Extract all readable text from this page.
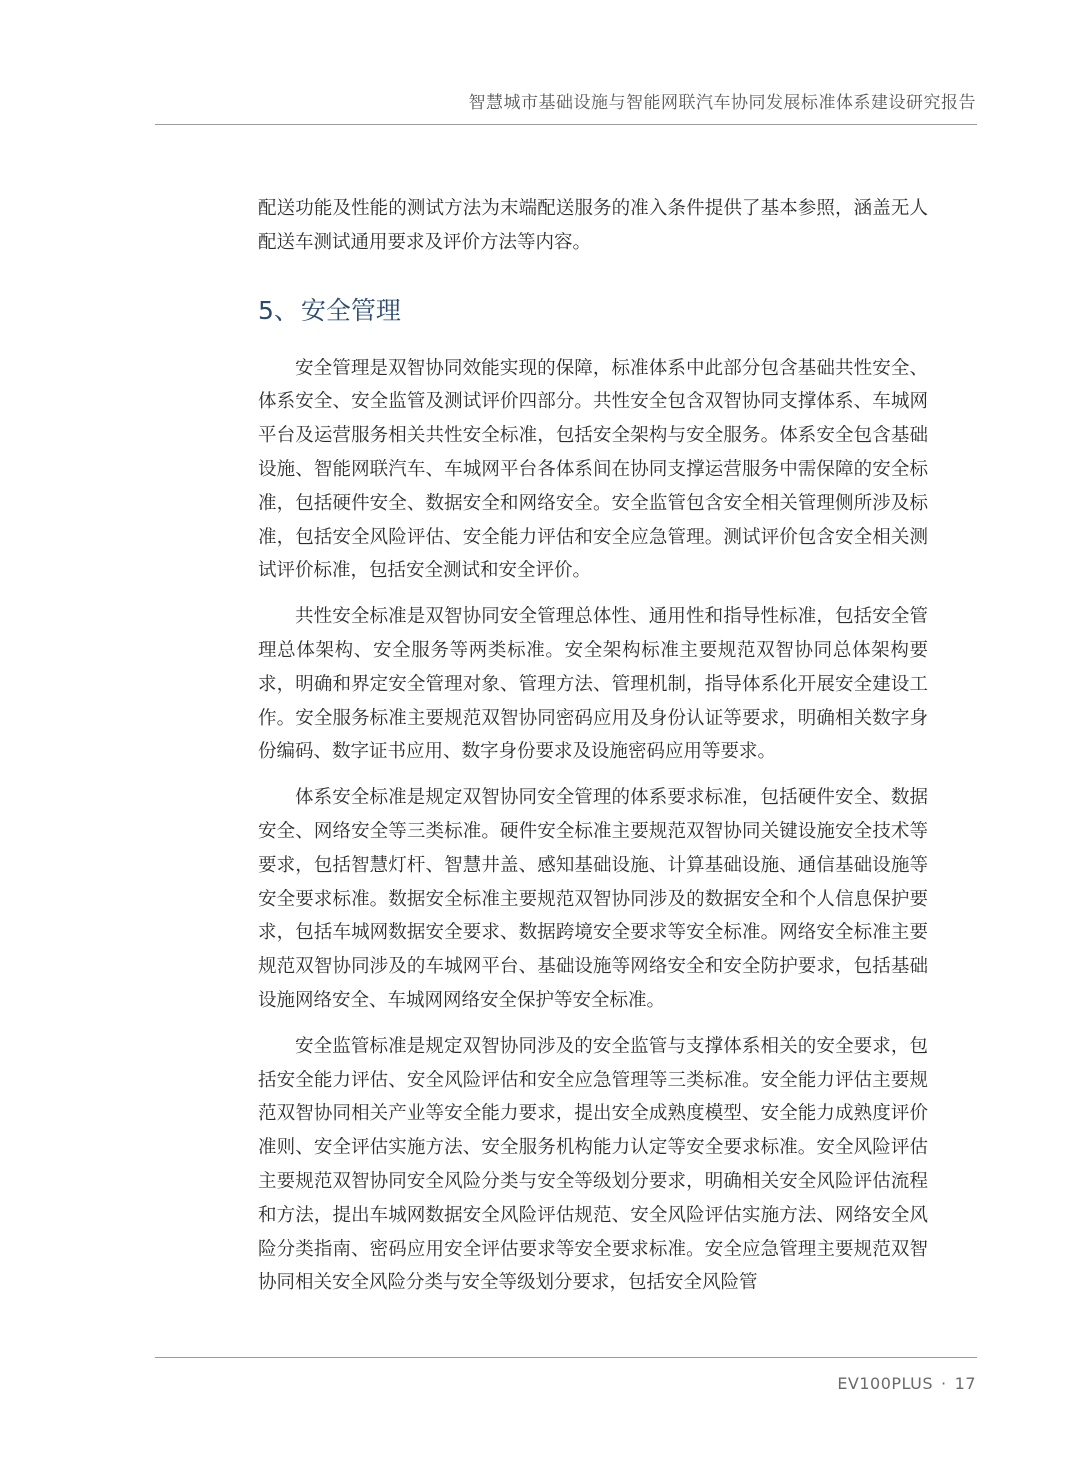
智慧城市基础设施与智能网联汽车协同发展标准体系建设研究报告

配送功能及性能的测试方法为末端配送服务的准入条件提供了基本参照，涵盖无人配送车测试通用要求及评价方法等内容。

5、安全管理

安全管理是双智协同效能实现的保障，标准体系中此部分包含基础共性安全、体系安全、安全监管及测试评价四部分。共性安全包含双智协同支撑体系、车城网平台及运营服务相关共性安全标准，包括安全架构与安全服务。体系安全包含基础设施、智能网联汽车、车城网平台各体系间在协同支撑运营服务中需保障的安全标准，包括硬件安全、数据安全和网络安全。安全监管包含安全相关管理侧所涉及标准，包括安全风险评估、安全能力评估和安全应急管理。测试评价包含安全相关测试评价标准，包括安全测试和安全评价。

共性安全标准是双智协同安全管理总体性、通用性和指导性标准，包括安全管理总体架构、安全服务等两类标准。安全架构标准主要规范双智协同总体架构要求，明确和界定安全管理对象、管理方法、管理机制，指导体系化开展安全建设工作。安全服务标准主要规范双智协同密码应用及身份认证等要求，明确相关数字身份编码、数字证书应用、数字身份要求及设施密码应用等要求。

体系安全标准是规定双智协同安全管理的体系要求标准，包括硬件安全、数据安全、网络安全等三类标准。硬件安全标准主要规范双智协同关键设施安全技术等要求，包括智慧灯杆、智慧井盖、感知基础设施、计算基础设施、通信基础设施等安全要求标准。数据安全标准主要规范双智协同涉及的数据安全和个人信息保护要求，包括车城网数据安全要求、数据跨境安全要求等安全标准。网络安全标准主要规范双智协同涉及的车城网平台、基础设施等网络安全和安全防护要求，包括基础设施网络安全、车城网网络安全保护等安全标准。

安全监管标准是规定双智协同涉及的安全监管与支撑体系相关的安全要求，包括安全能力评估、安全风险评估和安全应急管理等三类标准。安全能力评估主要规范双智协同相关产业等安全能力要求，提出安全成熟度模型、安全能力成熟度评价准则、安全评估实施方法、安全服务机构能力认定等安全要求标准。安全风险评估主要规范双智协同安全风险分类与安全等级划分要求，明确相关安全风险评估流程和方法，提出车城网数据安全风险评估规范、安全风险评估实施方法、网络安全风险分类指南、密码应用安全评估要求等安全要求标准。安全应急管理主要规范双智协同相关安全风险分类与安全等级划分要求，包括安全风险管

EV100PLUS · 17
